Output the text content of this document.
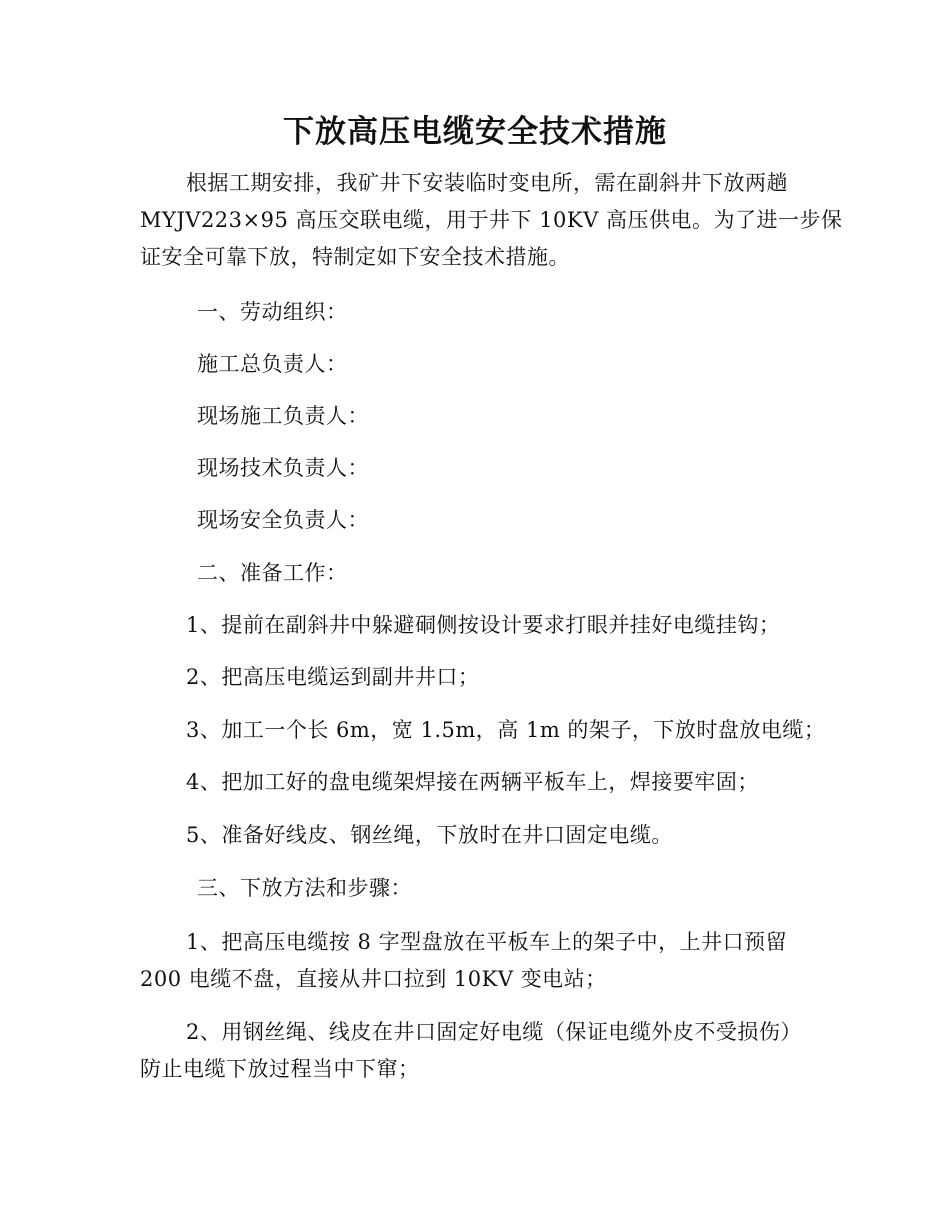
下放高压电缆安全技术措施

根据工期安排，我矿井下安装临时变电所，需在副斜井下放两趟

MYJV223×95 高压交联电缆，用于井下 10KV 高压供电。为了进一步保

证安全可靠下放，特制定如下安全技术措施。

一、劳动组织：

施工总负责人：

现场施工负责人：

现场技术负责人：

现场安全负责人：

二、准备工作：

1、提前在副斜井中躲避硐侧按设计要求打眼并挂好电缆挂钩；

2、把高压电缆运到副井井口；

3、加工一个长 6m，宽 1.5m，高 1m 的架子，下放时盘放电缆；

4、把加工好的盘电缆架焊接在两辆平板车上，焊接要牢固；

5、准备好线皮、钢丝绳，下放时在井口固定电缆。

三、下放方法和步骤：

1、把高压电缆按 8 字型盘放在平板车上的架子中，上井口预留

200 电缆不盘，直接从井口拉到 10KV 变电站；

2、用钢丝绳、线皮在井口固定好电缆（保证电缆外皮不受损伤）

防止电缆下放过程当中下窜；
